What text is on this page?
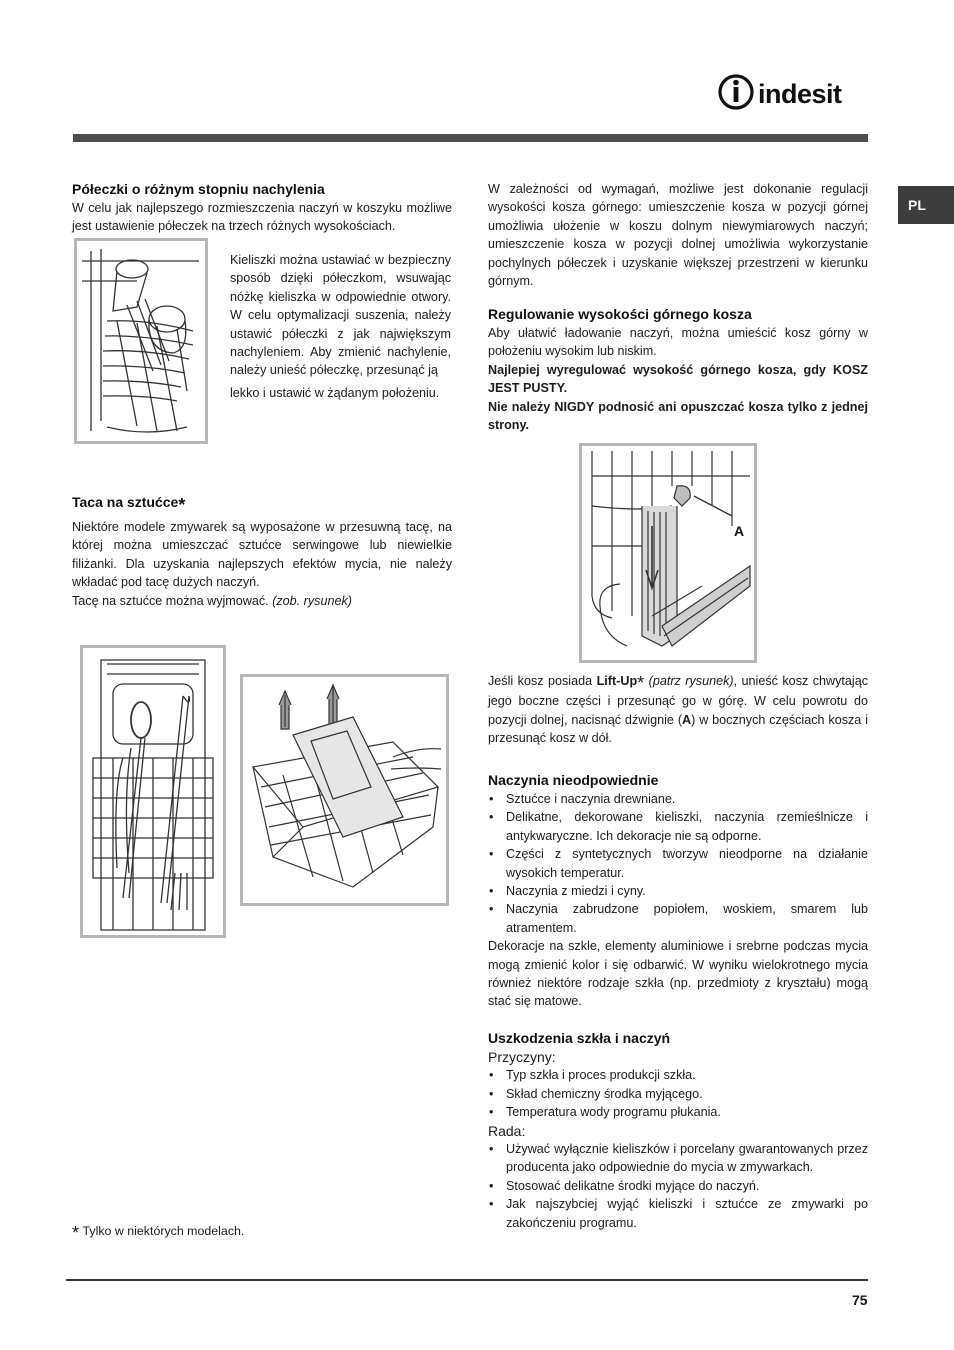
indesit
PL
Półeczki o różnym stopniu nachylenia

W celu jak najlepszego rozmieszczenia naczyń w koszyku możliwe jest ustawienie półeczek na trzech różnych wysokościach.

Kieliszki można ustawiać w bezpieczny sposób dzięki półeczkom, wsuwając nóżkę kieliszka w odpowiednie otwory. W celu optymalizacji suszenia, należy ustawić półeczki z jak największym nachyleniem. Aby zmienić nachylenie, należy unieść półeczkę, przesunąć ją

lekko i ustawić w żądanym położeniu.

Taca na sztućce*

Niektóre modele zmywarek są wyposażone w przesuwną tacę, na której można umieszczać sztućce serwingowe lub niewielkie filiżanki. Dla uzyskania najlepszych efektów mycia, nie należy wkładać pod tacę dużych naczyń.

Tacę na sztućce można wyjmować. (zob. rysunek)

* Tylko w niektórych modelach.
W zależności od wymagań, możliwe jest dokonanie regulacji wysokości kosza górnego: umieszczenie kosza w pozycji górnej umożliwia ułożenie w koszu dolnym niewymiarowych naczyń; umieszczenie kosza w pozycji dolnej umożliwia wykorzystanie pochylnych półeczek i uzyskanie większej przestrzeni w kierunku górnym.
Regulowanie wysokości górnego kosza

Aby ułatwić ładowanie naczyń, można umieścić kosz górny w położeniu wysokim lub niskim.

Najlepiej wyregulować wysokość górnego kosza, gdy KOSZ JEST PUSTY.

Nie należy NIGDY podnosić ani opuszczać kosza tylko z jednej strony.

A
Jeśli kosz posiada Lift-Up* (patrz rysunek), unieść kosz chwytając jego boczne części i przesunąć go w górę. W celu powrotu do pozycji dolnej, nacisnąć dźwignie (A) w bocznych częściach kosza i przesunąć kosz w dół.
Naczynia nieodpowiednie
• Sztućce i naczynia drewniane.
• Delikatne, dekorowane kieliszki, naczynia rzemieślnicze i antykwaryczne. Ich dekoracje nie są odporne.
• Części z syntetycznych tworzyw nieodporne na działanie wysokich temperatur.
• Naczynia z miedzi i cyny.
• Naczynia zabrudzone popiołem, woskiem, smarem lub atramentem.

Dekoracje na szkle, elementy aluminiowe i srebrne podczas mycia mogą zmienić kolor i się odbarwić. W wyniku wielokrotnego mycia również niektóre rodzaje szkła (np. przedmioty z kryształu) mogą stać się matowe.

Uszkodzenia szkła i naczyń

Przyczyny:

• Typ szkła i proces produkcji szkła.
• Skład chemiczny środka myjącego.
• Temperatura wody programu płukania.

Rada:

• Używać wyłącznie kieliszków i porcelany gwarantowanych przez producenta jako odpowiednie do mycia w zmywarkach.
• Stosować delikatne środki myjące do naczyń.
• Jak najszybciej wyjąć kieliszki i sztućce ze zmywarki po zakończeniu programu.
75
